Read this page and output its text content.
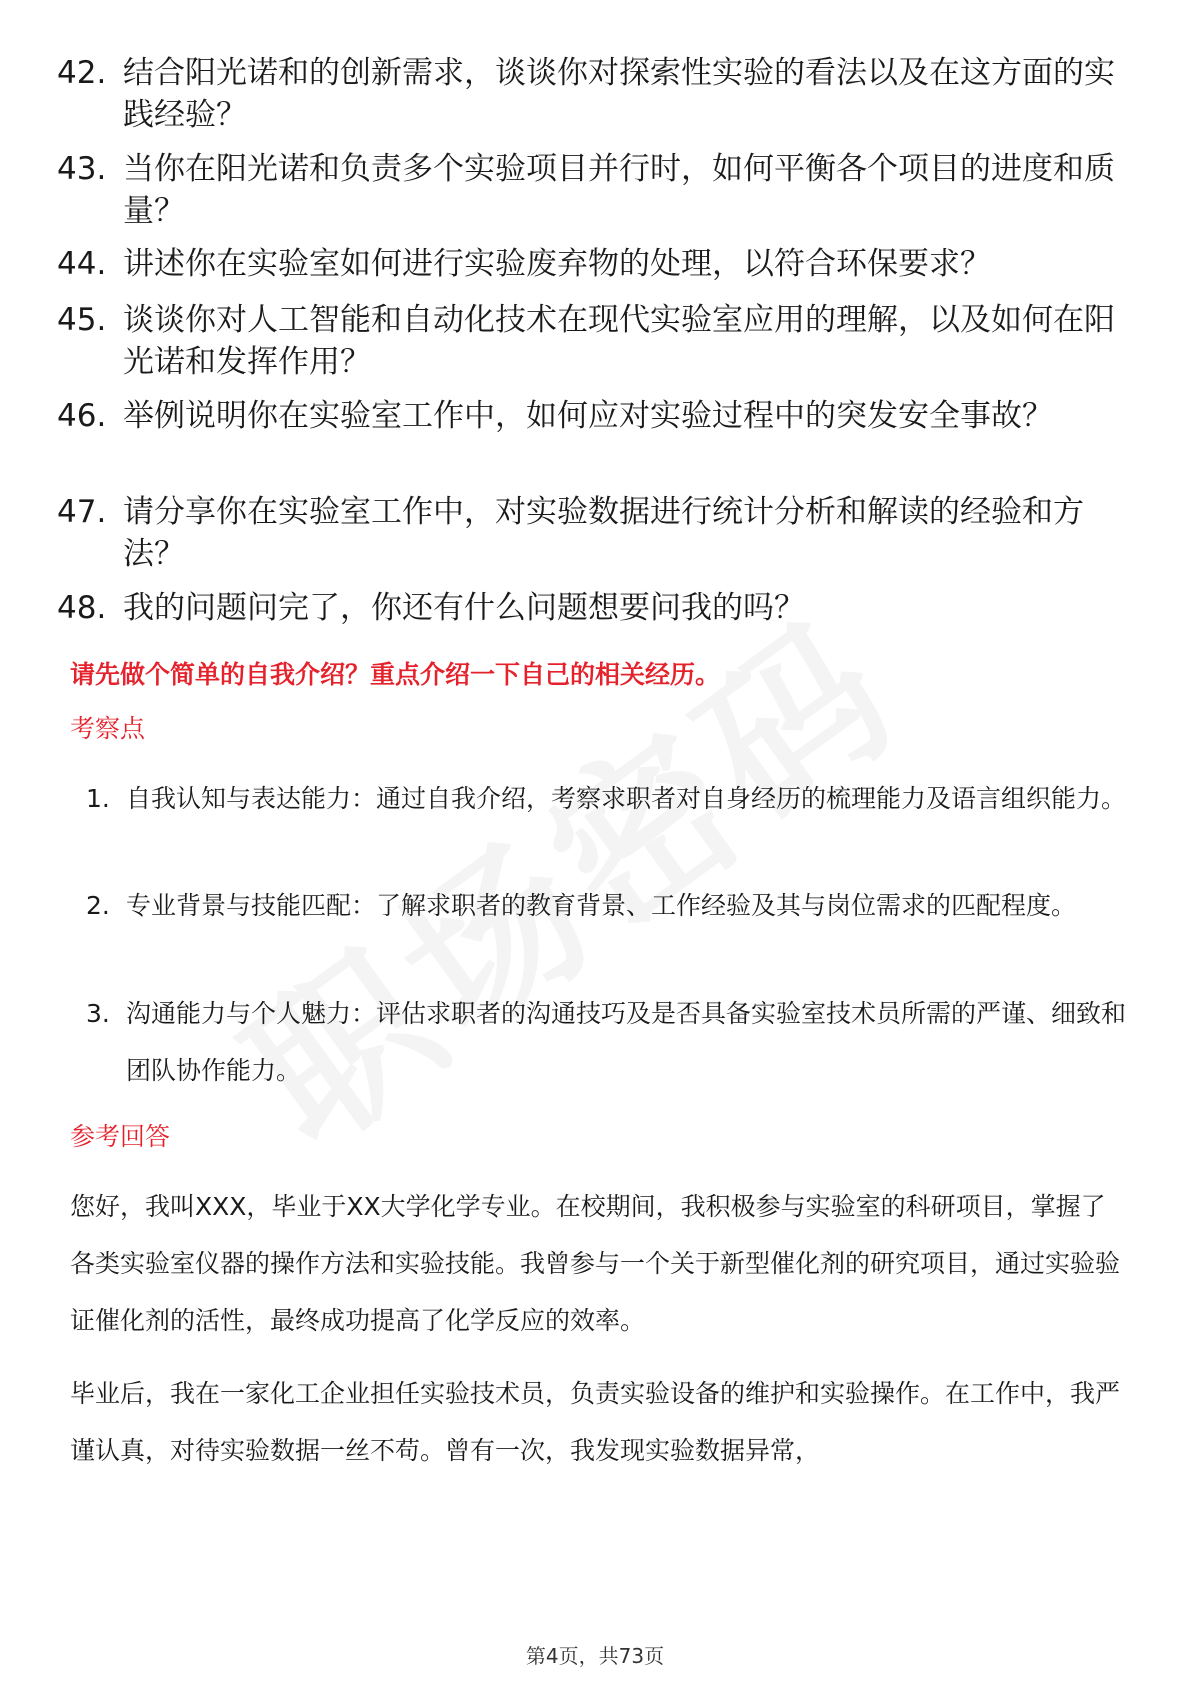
42. 结合阳光诺和的创新需求，谈谈你对探索性实验的看法以及在这方面的实践经验？
43. 当你在阳光诺和负责多个实验项目并行时，如何平衡各个项目的进度和质量？
44. 讲述你在实验室如何进行实验废弃物的处理，以符合环保要求？
45. 谈谈你对人工智能和自动化技术在现代实验室应用的理解，以及如何在阳光诺和发挥作用？
46. 举例说明你在实验室工作中，如何应对实验过程中的突发安全事故？
47. 请分享你在实验室工作中，对实验数据进行统计分析和解读的经验和方法？
48. 我的问题问完了，你还有什么问题想要问我的吗？
请先做个简单的自我介绍？重点介绍一下自己的相关经历。
考察点
1. 自我认知与表达能力：通过自我介绍，考察求职者对自身经历的梳理能力及语言组织能力。
2. 专业背景与技能匹配：了解求职者的教育背景、工作经验及其与岗位需求的匹配程度。
3. 沟通能力与个人魅力：评估求职者的沟通技巧及是否具备实验室技术员所需的严谨、细致和团队协作能力。
参考回答
您好，我叫XXX，毕业于XX大学化学专业。在校期间，我积极参与实验室的科研项目，掌握了各类实验室仪器的操作方法和实验技能。我曾参与一个关于新型催化剂的研究项目，通过实验验证催化剂的活性，最终成功提高了化学反应的效率。
毕业后，我在一家化工企业担任实验技术员，负责实验设备的维护和实验操作。在工作中，我严谨认真，对待实验数据一丝不苟。曾有一次，我发现实验数据异常，
第4页，共73页
